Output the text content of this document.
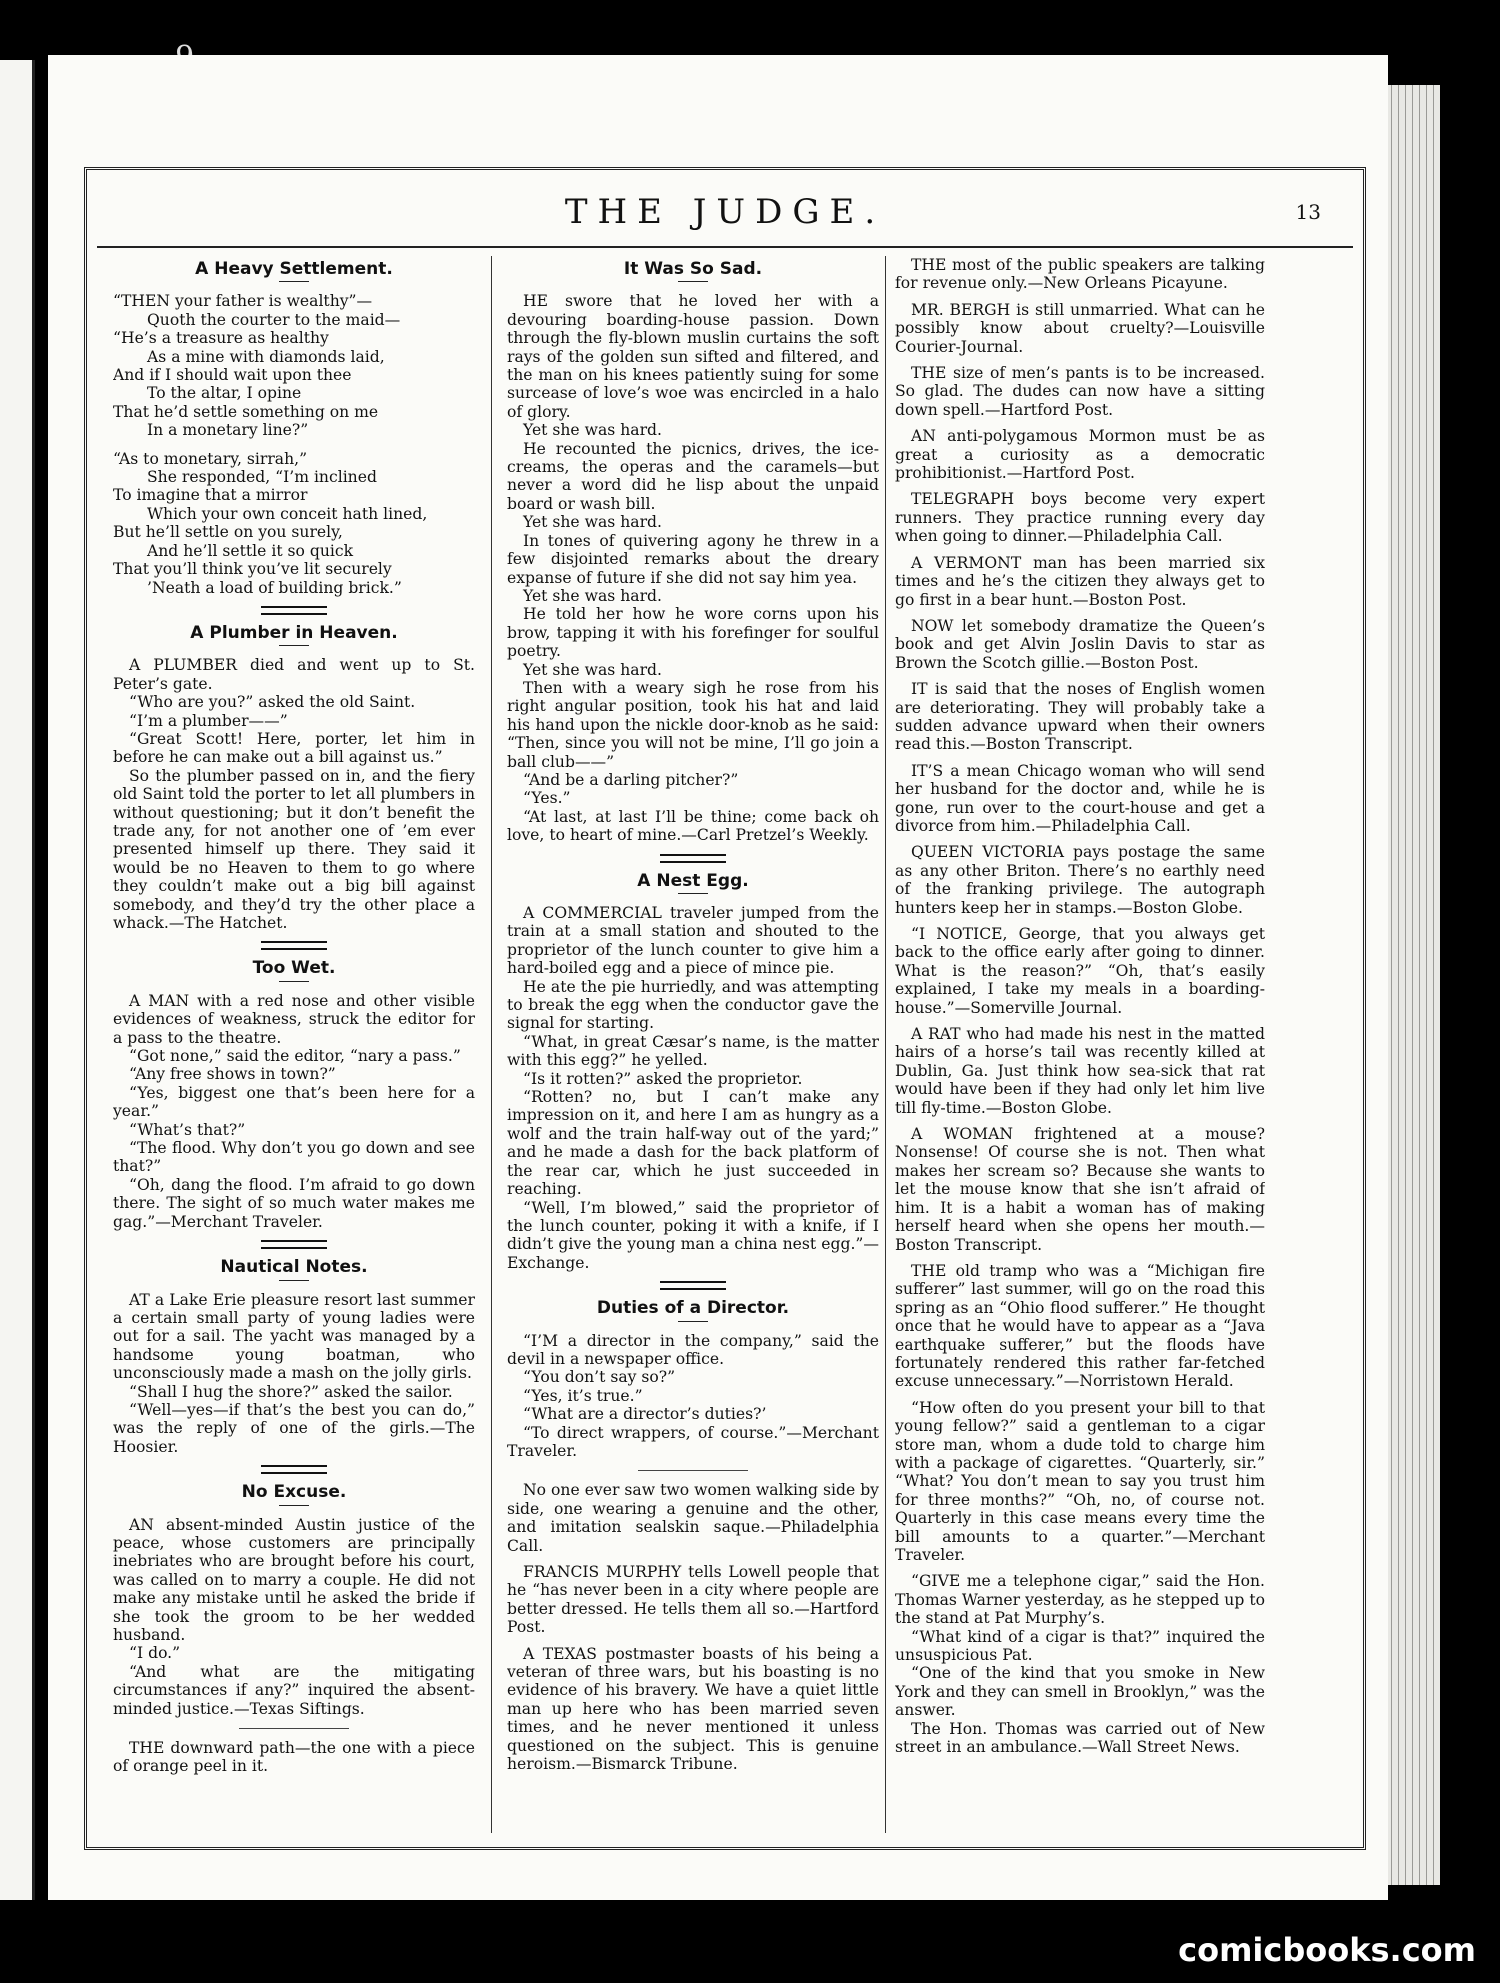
THE JUDGE.	13
A Heavy Settlement.
“THEN your father is wealthy”—
Quoth the courter to the maid—
“He’s a treasure as healthy
As a mine with diamonds laid,
And if I should wait upon thee
To the altar, I opine
That he’d settle something on me
In a monetary line?”
“As to monetary, sirrah,”
She responded, “I’m inclined
To imagine that a mirror
Which your own conceit hath lined,
But he’ll settle on you surely,
And he’ll settle it so quick
That you’ll think you’ve lit securely
’Neath a load of building brick.”
A Plumber in Heaven.

A PLUMBER died and went up to St. Peter’s gate.

“Who are you?” asked the old Saint.

“I’m a plumber——”

“Great Scott! Here, porter, let him in before he can make out a bill against us.”

So the plumber passed on in, and the fiery old Saint told the porter to let all plumbers in without questioning; but it don’t benefit the trade any, for not another one of ’em ever presented himself up there. They said it would be no Heaven to them to go where they couldn’t make out a big bill against somebody, and they’d try the other place a whack.—The Hatchet.

Too Wet.

A MAN with a red nose and other visible evidences of weakness, struck the editor for a pass to the theatre.

“Got none,” said the editor, “nary a pass.”

“Any free shows in town?”

“Yes, biggest one that’s been here for a year.”

“What’s that?”

“The flood. Why don’t you go down and see that?”

“Oh, dang the flood. I’m afraid to go down there. The sight of so much water makes me gag.”—Merchant Traveler.

Nautical Notes.

AT a Lake Erie pleasure resort last summer a certain small party of young ladies were out for a sail. The yacht was managed by a handsome young boatman, who unconsciously made a mash on the jolly girls.

“Shall I hug the shore?” asked the sailor.

“Well—yes—if that’s the best you can do,” was the reply of one of the girls.—The Hoosier.

No Excuse.

AN absent-minded Austin justice of the peace, whose customers are principally inebriates who are brought before his court, was called on to marry a couple. He did not make any mistake until he asked the bride if she took the groom to be her wedded husband.

“I do.”

“And what are the mitigating circumstances if any?” inquired the absent-minded justice.—Texas Siftings.

THE downward path—the one with a piece of orange peel in it.

It Was So Sad.

HE swore that he loved her with a devouring boarding-house passion. Down through the fly-blown muslin curtains the soft rays of the golden sun sifted and filtered, and the man on his knees patiently suing for some surcease of love’s woe was encircled in a halo of glory.

Yet she was hard.

He recounted the picnics, drives, the ice-creams, the operas and the caramels—but never a word did he lisp about the unpaid board or wash bill.

Yet she was hard.

In tones of quivering agony he threw in a few disjointed remarks about the dreary expanse of future if she did not say him yea.

Yet she was hard.

He told her how he wore corns upon his brow, tapping it with his forefinger for soulful poetry.

Yet she was hard.

Then with a weary sigh he rose from his right angular position, took his hat and laid his hand upon the nickle door-knob as he said: “Then, since you will not be mine, I’ll go join a ball club——”

“And be a darling pitcher?”

“Yes.”

“At last, at last I’ll be thine; come back oh love, to heart of mine.—Carl Pretzel’s Weekly.

A Nest Egg.

A COMMERCIAL traveler jumped from the train at a small station and shouted to the proprietor of the lunch counter to give him a hard-boiled egg and a piece of mince pie.

He ate the pie hurriedly, and was attempting to break the egg when the conductor gave the signal for starting.

“What, in great Cæsar’s name, is the matter with this egg?” he yelled.

“Is it rotten?” asked the proprietor.

“Rotten? no, but I can’t make any impression on it, and here I am as hungry as a wolf and the train half-way out of the yard;” and he made a dash for the back platform of the rear car, which he just succeeded in reaching.

“Well, I’m blowed,” said the proprietor of the lunch counter, poking it with a knife, if I didn’t give the young man a china nest egg.”—Exchange.

Duties of a Director.

“I’M a director in the company,” said the devil in a newspaper office.

“You don’t say so?”

“Yes, it’s true.”

“What are a director’s duties?’

“To direct wrappers, of course.”—Merchant Traveler.

No one ever saw two women walking side by side, one wearing a genuine and the other, and imitation sealskin saque.—Philadelphia Call.

FRANCIS MURPHY tells Lowell people that he “has never been in a city where people are better dressed. He tells them all so.—Hartford Post.

A TEXAS postmaster boasts of his being a veteran of three wars, but his boasting is no evidence of his bravery. We have a quiet little man up here who has been married seven times, and he never mentioned it unless questioned on the subject. This is genuine heroism.—Bismarck Tribune.

THE most of the public speakers are talking for revenue only.—New Orleans Picayune.

MR. BERGH is still unmarried. What can he possibly know about cruelty?—Louisville Courier-Journal.

THE size of men’s pants is to be increased. So glad. The dudes can now have a sitting down spell.—Hartford Post.

AN anti-polygamous Mormon must be as great a curiosity as a democratic prohibitionist.—Hartford Post.

TELEGRAPH boys become very expert runners. They practice running every day when going to dinner.—Philadelphia Call.

A VERMONT man has been married six times and he’s the citizen they always get to go first in a bear hunt.—Boston Post.

NOW let somebody dramatize the Queen’s book and get Alvin Joslin Davis to star as Brown the Scotch gillie.—Boston Post.

IT is said that the noses of English women are deteriorating. They will probably take a sudden advance upward when their owners read this.—Boston Transcript.

IT’S a mean Chicago woman who will send her husband for the doctor and, while he is gone, run over to the court-house and get a divorce from him.—Philadelphia Call.

QUEEN VICTORIA pays postage the same as any other Briton. There’s no earthly need of the franking privilege. The autograph hunters keep her in stamps.—Boston Globe.

“I NOTICE, George, that you always get back to the office early after going to dinner. What is the reason?” “Oh, that’s easily explained, I take my meals in a boarding-house.”—Somerville Journal.

A RAT who had made his nest in the matted hairs of a horse’s tail was recently killed at Dublin, Ga. Just think how sea-sick that rat would have been if they had only let him live till fly-time.—Boston Globe.

A WOMAN frightened at a mouse? Nonsense! Of course she is not. Then what makes her scream so? Because she wants to let the mouse know that she isn’t afraid of him. It is a habit a woman has of making herself heard when she opens her mouth.—Boston Transcript.

THE old tramp who was a “Michigan fire sufferer” last summer, will go on the road this spring as an “Ohio flood sufferer.” He thought once that he would have to appear as a “Java earthquake sufferer,” but the floods have fortunately rendered this rather far-fetched excuse unnecessary.”—Norristown Herald.

“How often do you present your bill to that young fellow?” said a gentleman to a cigar store man, whom a dude told to charge him with a package of cigarettes. “Quarterly, sir.” “What? You don’t mean to say you trust him for three months?” “Oh, no, of course not. Quarterly in this case means every time the bill amounts to a quarter.”—Merchant Traveler.

“GIVE me a telephone cigar,” said the Hon. Thomas Warner yesterday, as he stepped up to the stand at Pat Murphy’s.

“What kind of a cigar is that?” inquired the unsuspicious Pat.

“One of the kind that you smoke in New York and they can smell in Brooklyn,” was the answer.

The Hon. Thomas was carried out of New street in an ambulance.—Wall Street News.

comicbooks.com
